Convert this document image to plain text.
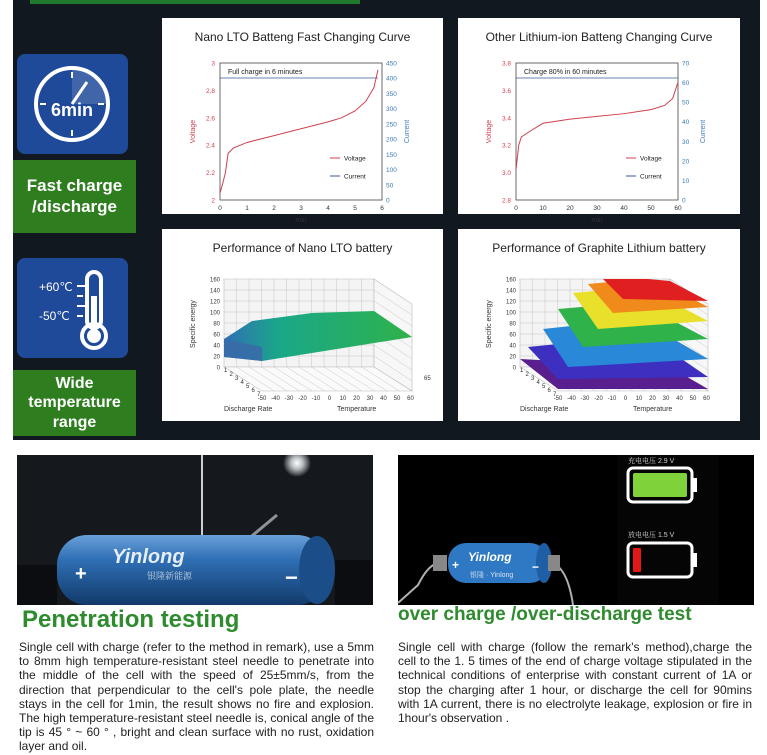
6min
Fast charge
/discharge
+60℃
-50℃
Wide
temperature
range
Nano LTO Batteng Fast Changing Curve
2
2.2
2.4
2.6
2.8
3
0
50
100
150
200
250
300
350
400
450
0	1	2	3	4	5	6
min
Voltage	Current
Full charge in 6 minutes
Voltage
Current
Other Lithium-ion Batteng Changing Curve
2.8
3.0
3.2
3.4
3.6
3.8
0
10
20
30
40
50
60
70
0	10	20	30	40	50	60
min
Voltage	Current
Charge 80% in 60 minutes
Voltage
Current
Performance of Nano LTO battery
0
20
40
60
80
100
120
140
160
Specific energy
1
2
3
4
5
6
7
-50 -40 -30 -20 -10 0 10 20 30 40 50 60
Discharge Rate	Temperature
65
Performance of Graphite Lithium battery
0
20
40
60
80
100
120
140
160
Specific energy
1
2
3
4
5
6
7
-50 -40 -30 -20 -10 0 10 20 30 40 50 60
Discharge Rate	Temperature
Yinlong
银隆新能源
+	−
充电电压 2.9 V
放电电压 1.5 V
Yinlong
银隆 · Yinlong
+	−
Penetration testing	over charge /over-discharge test
Single cell with charge (refer to the method in remark), use a 5mm to 8mm high temperature-resistant steel needle to penetrate into the middle of the cell with the speed of 25±5mm/s, from the direction that perpendicular to the cell's pole plate, the needle stays in the cell for 1min, the result shows no fire and explosion. The high temperature-resistant steel needle is, conical angle of the tip is 45 ° ~ 60 ° , bright and clean surface with no rust, oxidation layer and oil.
Single cell with charge (follow the remark's method),charge the cell to the 1. 5 times of the end of charge voltage stipulated in the technical conditions of enterprise with constant current of 1A or stop the charging after 1 hour, or discharge the cell for 90mins with 1A current, there is no electrolyte leakage, explosion or fire in 1hour's observation .
